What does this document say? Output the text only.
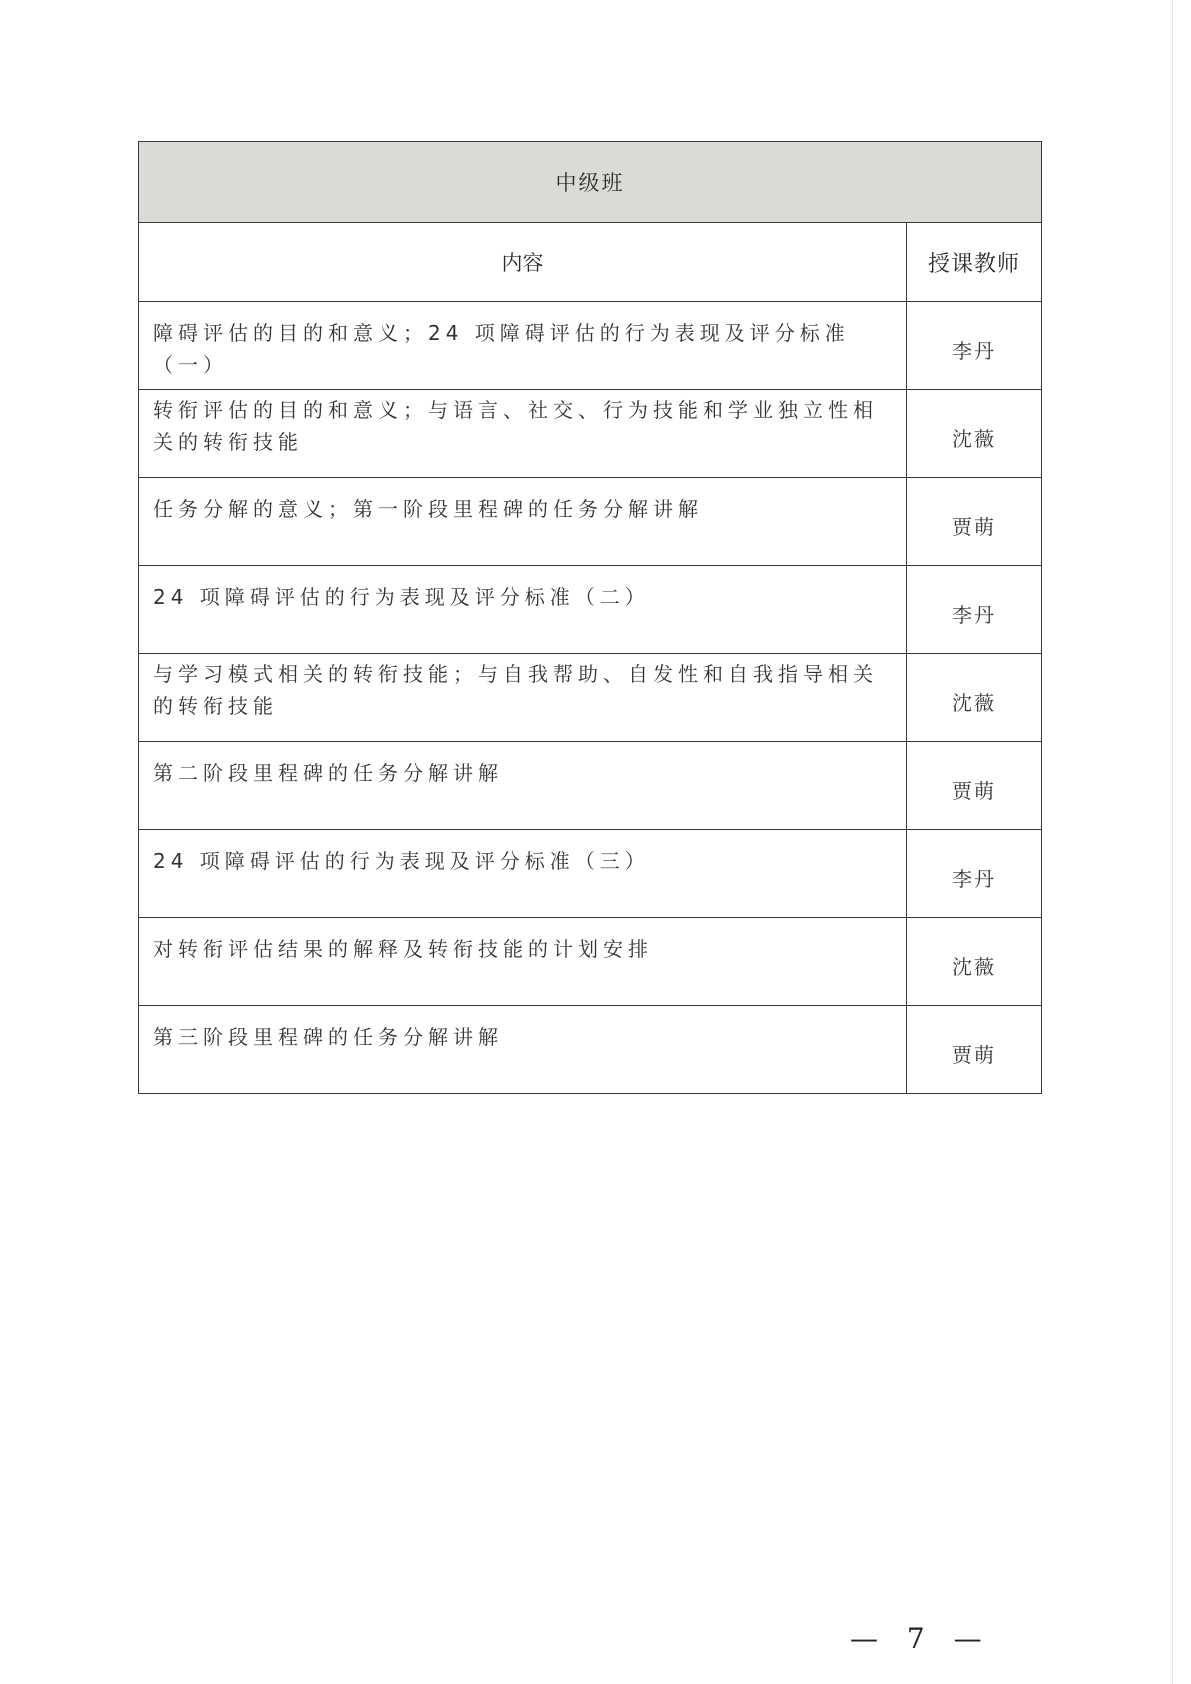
中级班	
内容	授课教师

障碍评估的目的和意义；24 项障碍评估的行为表现及评分标准（一）	李丹

转衔评估的目的和意义；与语言、社交、行为技能和学业独立性相关的转衔技能	沈薇

任务分解的意义；第一阶段里程碑的任务分解讲解	贾萌

24 项障碍评估的行为表现及评分标准（二）	李丹

与学习模式相关的转衔技能；与自我帮助、自发性和自我指导相关的转衔技能	沈薇

第二阶段里程碑的任务分解讲解	贾萌

24 项障碍评估的行为表现及评分标准（三）	李丹

对转衔评估结果的解释及转衔技能的计划安排	沈薇

第三阶段里程碑的任务分解讲解	贾萌
— 7 —
